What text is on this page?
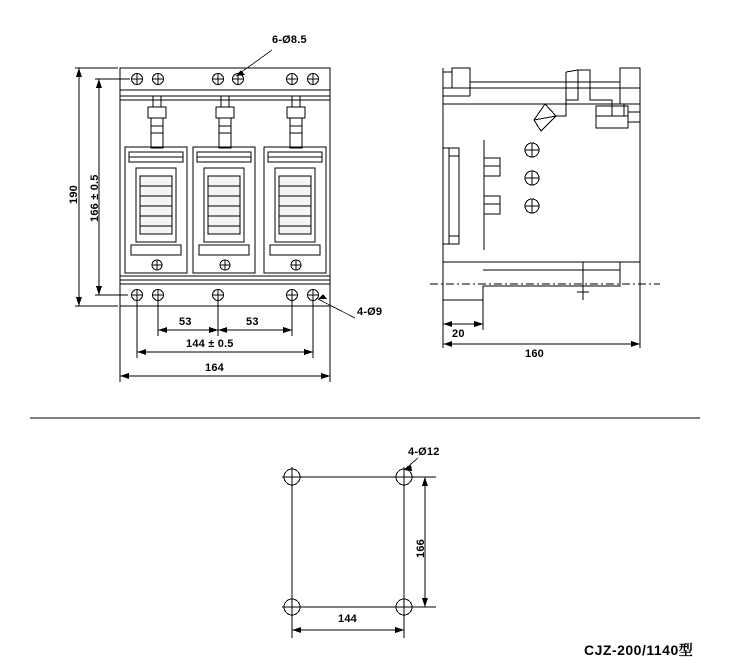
6-Ø8.5
190 166 ± 0.5
53	53
144 ± 0.5
164
4-Ø9
20
160
4-Ø12
166
144
CJZ-200/1140型
